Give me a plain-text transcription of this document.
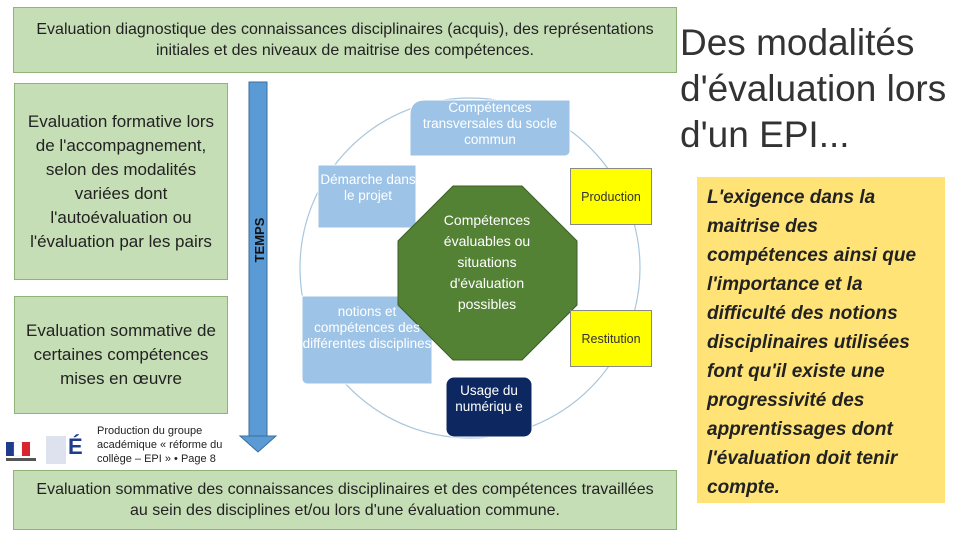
Evaluation diagnostique des connaissances disciplinaires (acquis), des représentations initiales et des niveaux de maitrise des compétences.
Evaluation formative lors de l'accompagnement, selon des modalités variées dont l'autoévaluation ou l'évaluation par les pairs
Evaluation sommative de certaines compétences mises en œuvre
TEMPS
Compétences transversales du socle commun
Démarche dans le projet
notions et compétences des différentes disciplines
Compétences évaluables ou situations d'évaluation possibles
Usage du numériqu e
Production
Restitution
É
Production du groupe académique « réforme du collège – EPI » • Page 8
Evaluation sommative des connaissances disciplinaires et des compétences travaillées au sein des disciplines et/ou lors d'une évaluation commune.
Des modalités d'évaluation lors d'un EPI...
L'exigence dans la maitrise des compétences ainsi que l'importance et la difficulté des notions disciplinaires utilisées font qu'il existe une progressivité des apprentissages dont l'évaluation doit tenir compte.
